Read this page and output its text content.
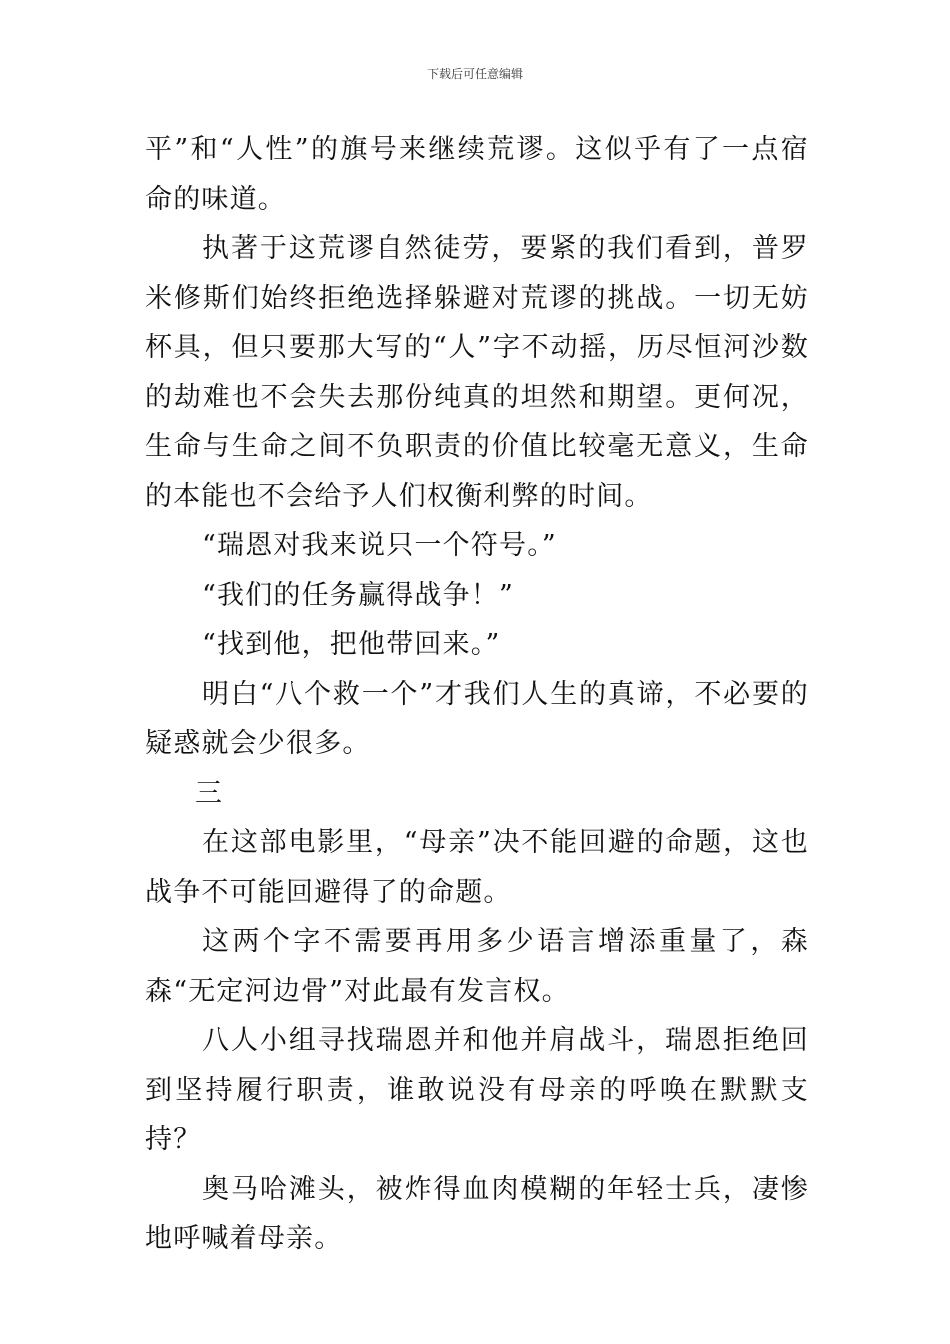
下载后可任意编辑

平”和“人性”的旗号来继续荒谬。这似乎有了一点宿命的味道。

执著于这荒谬自然徒劳，要紧的我们看到，普罗米修斯们始终拒绝选择躲避对荒谬的挑战。一切无妨杯具，但只要那大写的“人”字不动摇，历尽恒河沙数的劫难也不会失去那份纯真的坦然和期望。更何况，生命与生命之间不负职责的价值比较毫无意义，生命的本能也不会给予人们权衡利弊的时间。

“瑞恩对我来说只一个符号。”

“我们的任务赢得战争！”

“找到他，把他带回来。”

明白“八个救一个”才我们人生的真谛，不必要的疑惑就会少很多。

三

在这部电影里，“母亲”决不能回避的命题，这也战争不可能回避得了的命题。

这两个字不需要再用多少语言增添重量了，森森“无定河边骨”对此最有发言权。

八人小组寻找瑞恩并和他并肩战斗，瑞恩拒绝回到坚持履行职责，谁敢说没有母亲的呼唤在默默支持？

奥马哈滩头，被炸得血肉模糊的年轻士兵，凄惨地呼喊着母亲。
